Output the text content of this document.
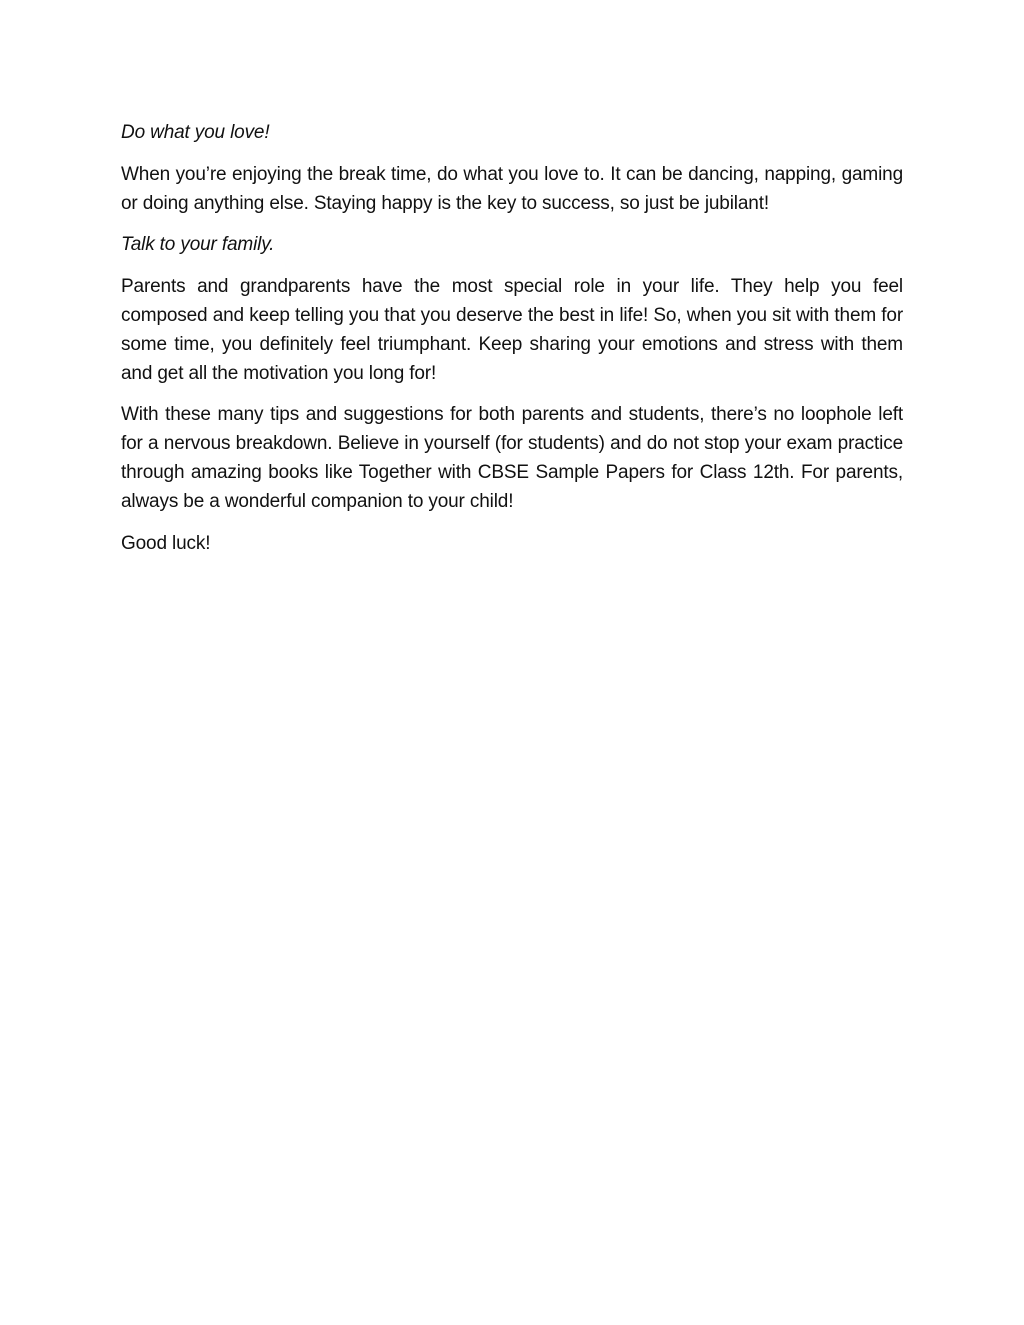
Do what you love!

When you’re enjoying the break time, do what you love to. It can be dancing, napping, gaming or doing anything else. Staying happy is the key to success, so just be jubilant!

Talk to your family.

Parents and grandparents have the most special role in your life. They help you feel composed and keep telling you that you deserve the best in life! So, when you sit with them for some time, you definitely feel triumphant. Keep sharing your emotions and stress with them and get all the motivation you long for!

With these many tips and suggestions for both parents and students, there’s no loophole left for a nervous breakdown. Believe in yourself (for students) and do not stop your exam practice through amazing books like Together with CBSE Sample Papers for Class 12th. For parents, always be a wonderful companion to your child!

Good luck!
